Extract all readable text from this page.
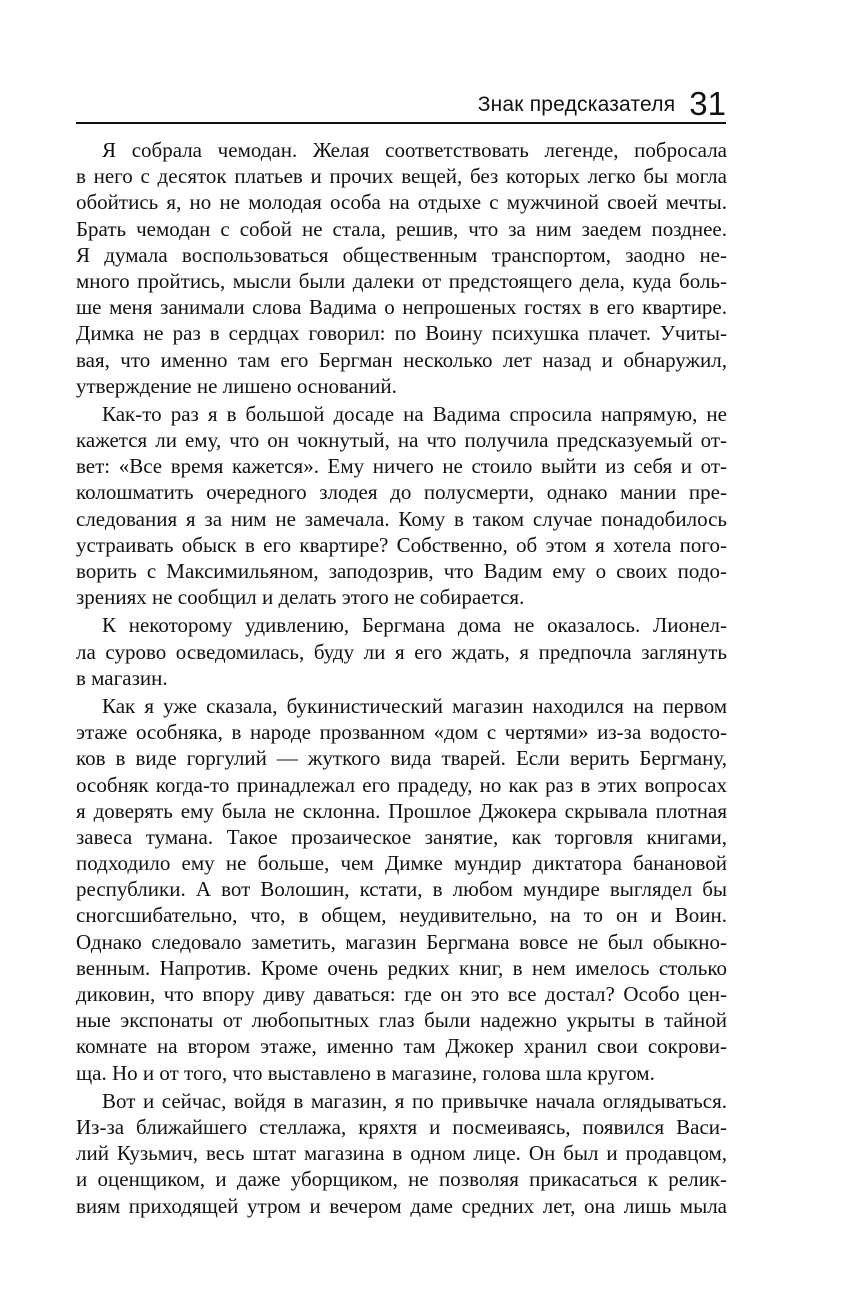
Знак предсказателя 31
Я собрала чемодан. Желая соответствовать легенде, побросала
в него с десяток платьев и прочих вещей, без которых легко бы могла
обойтись я, но не молодая особа на отдыхе с мужчиной своей мечты.
Брать чемодан с собой не стала, решив, что за ним заедем позднее.
Я думала воспользоваться общественным транспортом, заодно не-
много пройтись, мысли были далеки от предстоящего дела, куда боль-
ше меня занимали слова Вадима о непрошеных гостях в его квартире.
Димка не раз в сердцах говорил: по Воину психушка плачет. Учиты-
вая, что именно там его Бергман несколько лет назад и обнаружил,
утверждение не лишено оснований.
Как-то раз я в большой досаде на Вадима спросила напрямую, не
кажется ли ему, что он чокнутый, на что получила предсказуемый от-
вет: «Все время кажется». Ему ничего не стоило выйти из себя и от-
колошматить очередного злодея до полусмерти, однако мании пре-
следования я за ним не замечала. Кому в таком случае понадобилось
устраивать обыск в его квартире? Собственно, об этом я хотела пого-
ворить с Максимильяном, заподозрив, что Вадим ему о своих подо-
зрениях не сообщил и делать этого не собирается.
К некоторому удивлению, Бергмана дома не оказалось. Лионел-
ла сурово осведомилась, буду ли я его ждать, я предпочла заглянуть
в магазин.
Как я уже сказала, букинистический магазин находился на первом
этаже особняка, в народе прозванном «дом с чертями» из-за водосто-
ков в виде горгулий — жуткого вида тварей. Если верить Бергману,
особняк когда-то принадлежал его прадеду, но как раз в этих вопросах
я доверять ему была не склонна. Прошлое Джокера скрывала плотная
завеса тумана. Такое прозаическое занятие, как торговля книгами,
подходило ему не больше, чем Димке мундир диктатора банановой
республики. А вот Волошин, кстати, в любом мундире выглядел бы
сногсшибательно, что, в общем, неудивительно, на то он и Воин.
Однако следовало заметить, магазин Бергмана вовсе не был обыкно-
венным. Напротив. Кроме очень редких книг, в нем имелось столько
диковин, что впору диву даваться: где он это все достал? Особо цен-
ные экспонаты от любопытных глаз были надежно укрыты в тайной
комнате на втором этаже, именно там Джокер хранил свои сокрови-
ща. Но и от того, что выставлено в магазине, голова шла кругом.
Вот и сейчас, войдя в магазин, я по привычке начала оглядываться.
Из-за ближайшего стеллажа, кряхтя и посмеиваясь, появился Васи-
лий Кузьмич, весь штат магазина в одном лице. Он был и продавцом,
и оценщиком, и даже уборщиком, не позволяя прикасаться к релик-
виям приходящей утром и вечером даме средних лет, она лишь мыла
